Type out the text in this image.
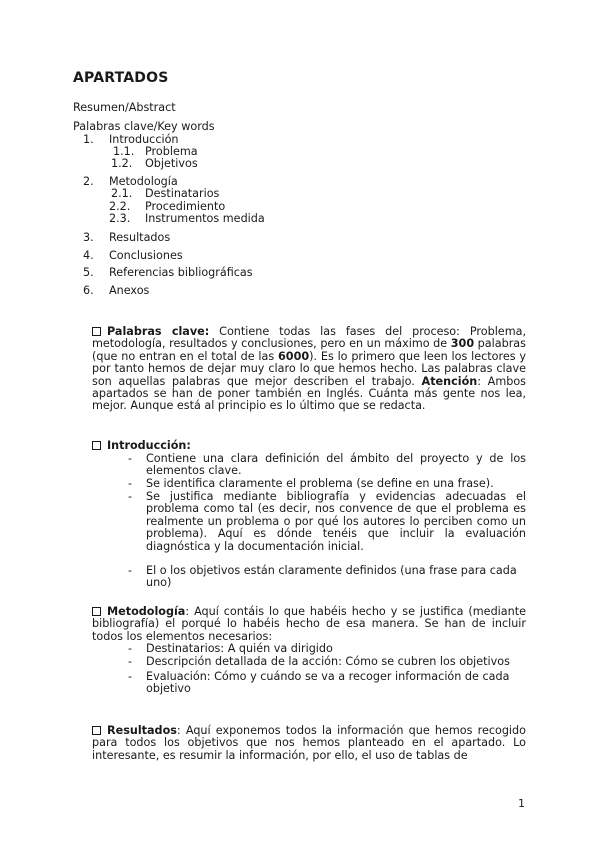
APARTADOS
Resumen/Abstract
Palabras clave/Key words
1. Introducción
1.1. Problema
1.2. Objetivos
2. Metodología
2.1. Destinatarios
2.2. Procedimiento
2.3. Instrumentos medida
3. Resultados
4. Conclusiones
5. Referencias bibliográficas
6. Anexos
Palabras clave: Contiene todas las fases del proceso: Problema, metodología, resultados y conclusiones, pero en un máximo de 300 palabras (que no entran en el total de las 6000). Es lo primero que leen los lectores y por tanto hemos de dejar muy claro lo que hemos hecho. Las palabras clave son aquellas palabras que mejor describen el trabajo. Atención: Ambos apartados se han de poner también en Inglés. Cuánta más gente nos lea, mejor. Aunque está al principio es lo último que se redacta.
Introducción:
- Contiene una clara definición del ámbito del proyecto y de los elementos clave.
- Se identifica claramente el problema (se define en una frase).
- Se justifica mediante bibliografía y evidencias adecuadas el problema como tal (es decir, nos convence de que el problema es realmente un problema o por qué los autores lo perciben como un problema). Aquí es dónde tenéis que incluir la evaluación diagnóstica y la documentación inicial.
- El o los objetivos están claramente definidos (una frase para cada uno)
Metodología: Aquí contáis lo que habéis hecho y se justifica (mediante bibliografía) el porqué lo habéis hecho de esa manera. Se han de incluir todos los elementos necesarios:
- Destinatarios: A quién va dirigido
- Descripción detallada de la acción: Cómo se cubren los objetivos
- Evaluación: Cómo y cuándo se va a recoger información de cada objetivo
Resultados: Aquí exponemos todos la información que hemos recogido para todos los objetivos que nos hemos planteado en el apartado. Lo interesante, es resumir la información, por ello, el uso de tablas de
1
